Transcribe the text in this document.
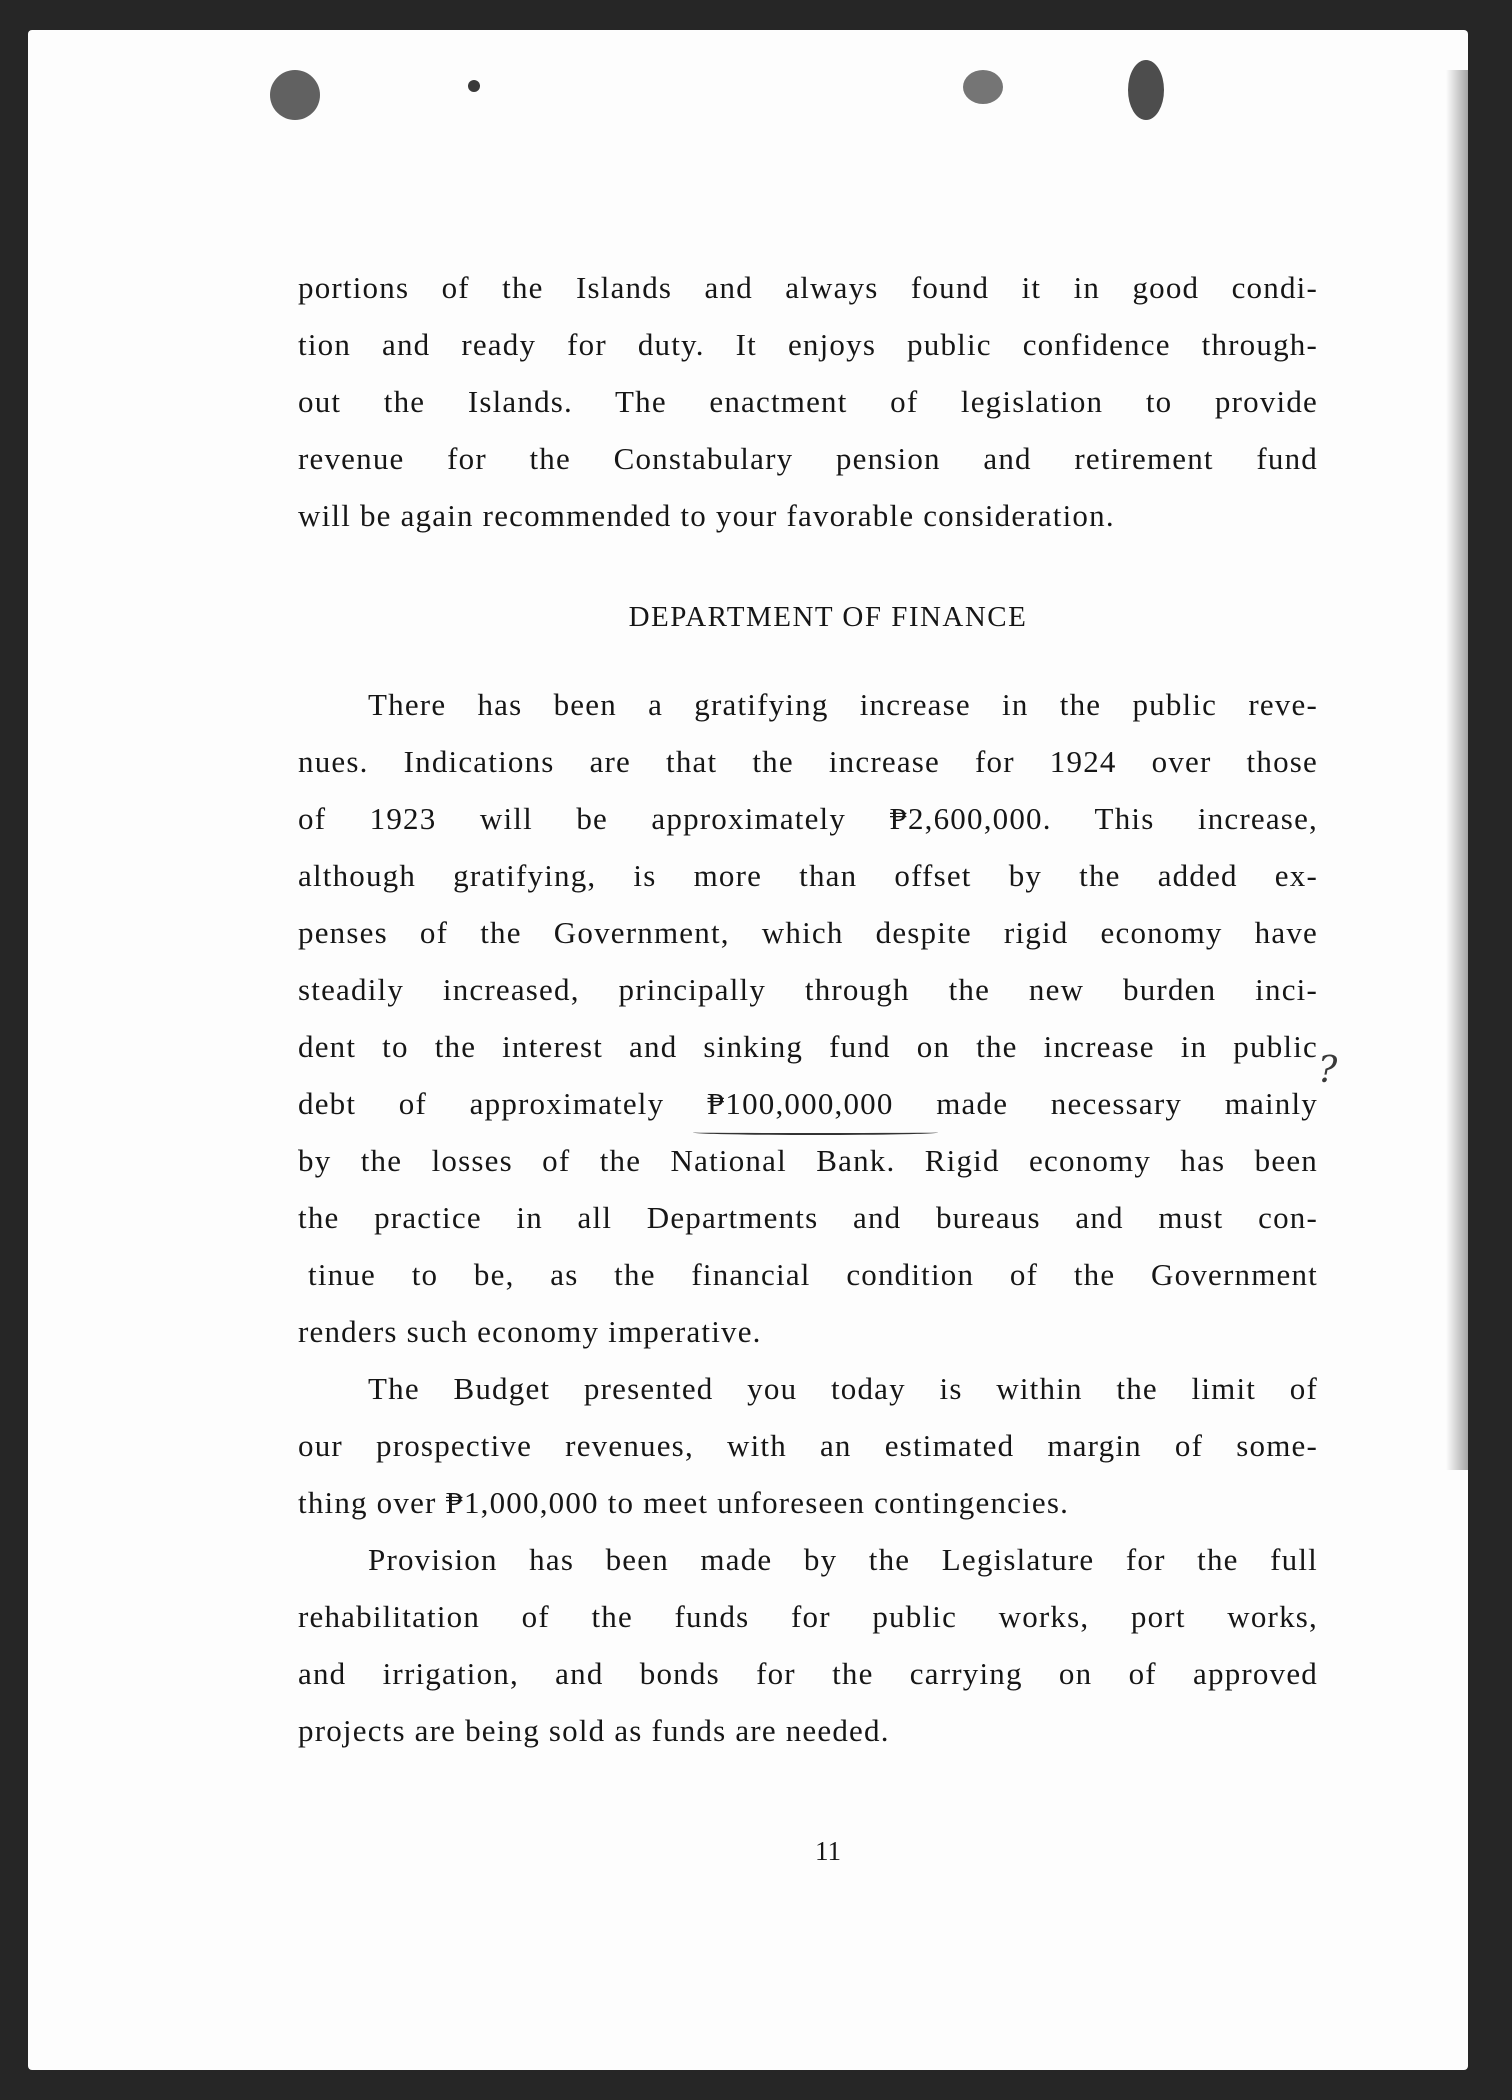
portions of the Islands and always found it in good condi-
tion and ready for duty. It enjoys public confidence through-
out the Islands. The enactment of legislation to provide
revenue for the Constabulary pension and retirement fund
will be again recommended to your favorable consideration.
DEPARTMENT OF FINANCE
There has been a gratifying increase in the public reve-
nues. Indications are that the increase for 1924 over those
of 1923 will be approximately ₱2,600,000. This increase,
although gratifying, is more than offset by the added ex-
penses of the Government, which despite rigid economy have
steadily increased, principally through the new burden inci-
dent to the interest and sinking fund on the increase in public
debt of approximately ₱100,000,000 made necessary mainly
by the losses of the National Bank. Rigid economy has been
the practice in all Departments and bureaus and must con-
tinue to be, as the financial condition of the Government
renders such economy imperative.
The Budget presented you today is within the limit of
our prospective revenues, with an estimated margin of some-
thing over ₱1,000,000 to meet unforeseen contingencies.
Provision has been made by the Legislature for the full
rehabilitation of the funds for public works, port works,
and irrigation, and bonds for the carrying on of approved
projects are being sold as funds are needed.
11
?
